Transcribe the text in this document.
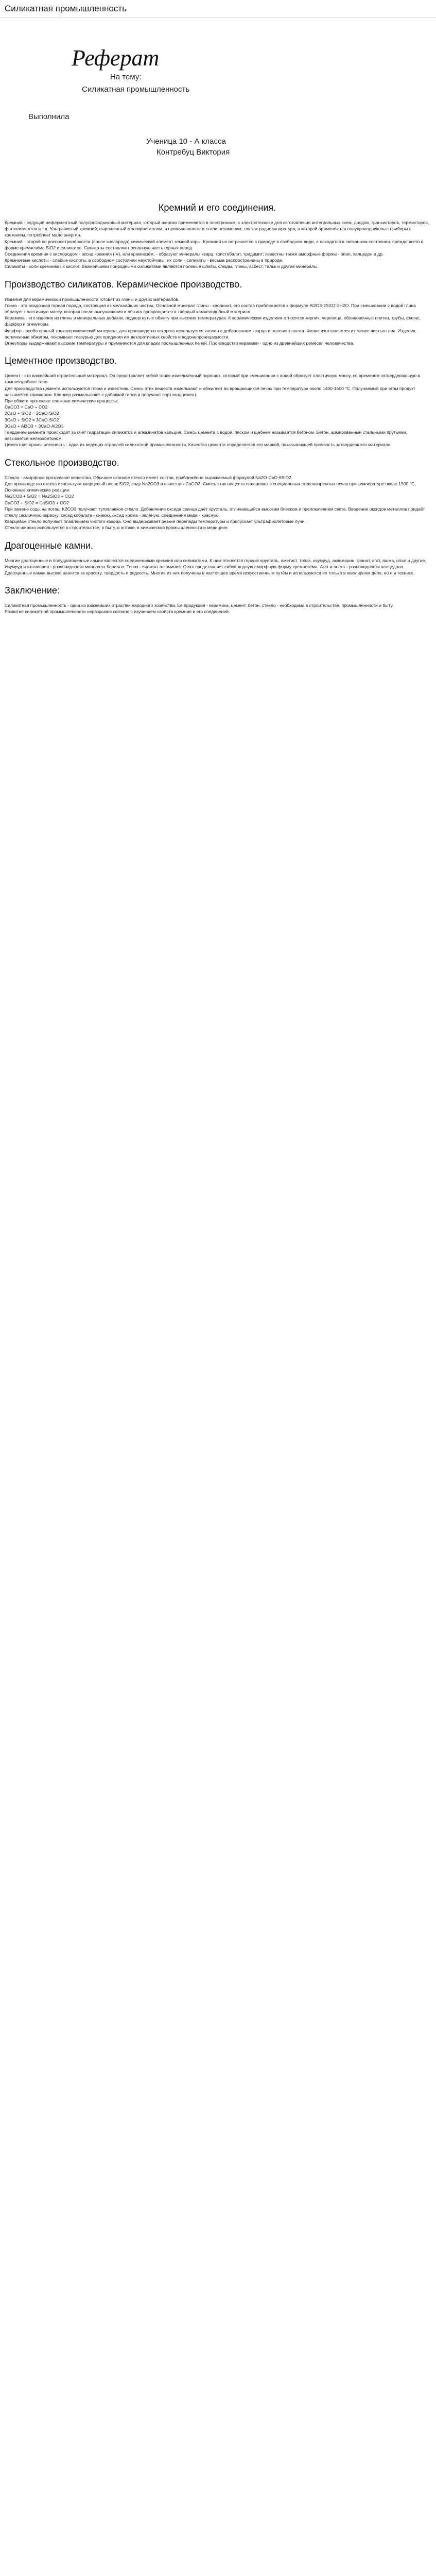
Силикатная промышленность
Реферат
На тему:
Силикатная промышленность
Выполнила
Ученица 10 - А класса
Контребуц Виктория
Кремний и его соединения.

Кремний - ведущий неферментный полупроводниковый материал, который широко применяется в электронике, в электротехнике для изготовления интегральных схем, диодов, транзисторов, термисторов, фотоэлементов и т.д. Ультрачистый кремний, выращенный монокристаллом, в промышленности стали незаменим, так как радиоаппаратура, в которой применяются полупроводниковые приборы с кремнием, потребляет мало энергии.

Кремний - второй по распространённости (после кислорода) химический элемент земной коры. Кремний не встречается в природе в свободном виде, а находится в связанном состоянии, прежде всего в форме кремнезёма SiO2 и силикатов. Силикаты составляют основную часть горных пород.

Соединения кремния с кислородом - оксид кремния (IV), или кремнезём, - образуют минералы кварц, кристобалит, тридимит; известны также аморфные формы - опал, халцедон и др.

Кремниевые кислоты - слабые кислоты, в свободном состоянии неустойчивы; их соли - силикаты - весьма распространены в природе.

Силикаты - соли кремниевых кислот. Важнейшими природными силикатами являются полевые шпаты, слюды, глины, асбест, тальк и другие минералы.

Производство силикатов. Керамическое производство.

Изделия для керамической промышленности готовят из глины и других материалов.

Глина - это осадочная горная порода, состоящая из мельчайших частиц. Основной минерал глины - каолинит, его состав приближается к формуле Al2O3·2SiO2·2H2O. При смешивании с водой глина образует пластичную массу, которая после высушивания и обжига превращается в твёрдый камнеподобный материал.

Керамика - это изделия из глины и минеральных добавок, подвергнутые обжигу при высоких температурах. К керамическим изделиям относятся кирпич, черепица, облицовочные плитки, трубы, фаянс, фарфор и огнеупоры.

Фарфор - особо ценный тонкокерамический материал, для производства которого используется каолин с добавлением кварца и полевого шпата. Фаянс изготовляется из менее чистых глин. Изделия, полученные обжигом, покрывают глазурью для придания им декоративных свойств и водонепроницаемости.

Огнеупоры выдерживают высокие температуры и применяются для кладки промышленных печей. Производство керамики - одно из древнейших ремёсел человечества.

Цементное производство.

Цемент - это важнейший строительный материал. Он представляет собой тонко измельчённый порошок, который при смешивании с водой образует пластичную массу, со временем затвердевающую в камнеподобное тело.

Для производства цемента используются глина и известняк. Смесь этих веществ измельчают и обжигают во вращающихся печах при температуре около 1400-1500 °C. Получаемый при этом продукт называется клинкером. Клинкер размалывают с добавкой гипса и получают портландцемент.

При обжиге протекают сложные химические процессы:

CaCO3 = CaO + CO2
2CaO + SiO2 = 2CaO·SiO2
3CaO + SiO2 = 3CaO·SiO2
3CaO + Al2O3 = 3CaO·Al2O3

Твердение цемента происходит за счёт гидратации силикатов и алюминатов кальция. Смесь цемента с водой, песком и щебнем называется бетоном. Бетон, армированный стальными прутьями, называется железобетоном.

Цементная промышленность - одна из ведущих отраслей силикатной промышленности. Качество цемента определяется его маркой, показывающей прочность затвердевшего материала.

Стекольное производство.

Стекло - аморфное прозрачное вещество. Обычное оконное стекло имеет состав, приближённо выражаемый формулой Na2O·CaO·6SiO2.

Для производства стекла используют кварцевый песок SiO2, соду Na2CO3 и известняк CaCO3. Смесь этих веществ сплавляют в специальных стекловаренных печах при температуре около 1500 °C.

Основные химические реакции:

Na2CO3 + SiO2 = Na2SiO3 + CO2
CaCO3 + SiO2 = CaSiO3 + CO2

При замене соды на поташ K2CO3 получают тугоплавкое стекло. Добавление оксида свинца даёт хрусталь, отличающийся высоким блеском и преломлением света. Введение оксидов металлов придаёт стеклу различную окраску: оксид кобальта - синюю, оксид хрома - зелёную, соединения меди - красную.

Кварцевое стекло получают плавлением чистого кварца. Оно выдерживает резкие перепады температуры и пропускает ультрафиолетовые лучи.

Стекло широко используется в строительстве, в быту, в оптике, в химической промышленности и медицине.

Драгоценные камни.

Многие драгоценные и полудрагоценные камни являются соединениями кремния или силикатами. К ним относятся горный хрусталь, аметист, топаз, изумруд, аквамарин, гранат, агат, яшма, опал и другие.

Изумруд и аквамарин - разновидности минерала берилла. Топаз - силикат алюминия. Опал представляет собой водную аморфную форму кремнезёма. Агат и яшма - разновидности халцедона.

Драгоценные камни высоко ценятся за красоту, твёрдость и редкость. Многие из них получены в настоящее время искусственным путём и используются не только в ювелирном деле, но и в технике.

Заключение:

Силикатная промышленность - одна из важнейших отраслей народного хозяйства. Её продукция - керамика, цемент, бетон, стекло - необходима в строительстве, промышленности и быту.

Развитие силикатной промышленности неразрывно связано с изучением свойств кремния и его соединений.
